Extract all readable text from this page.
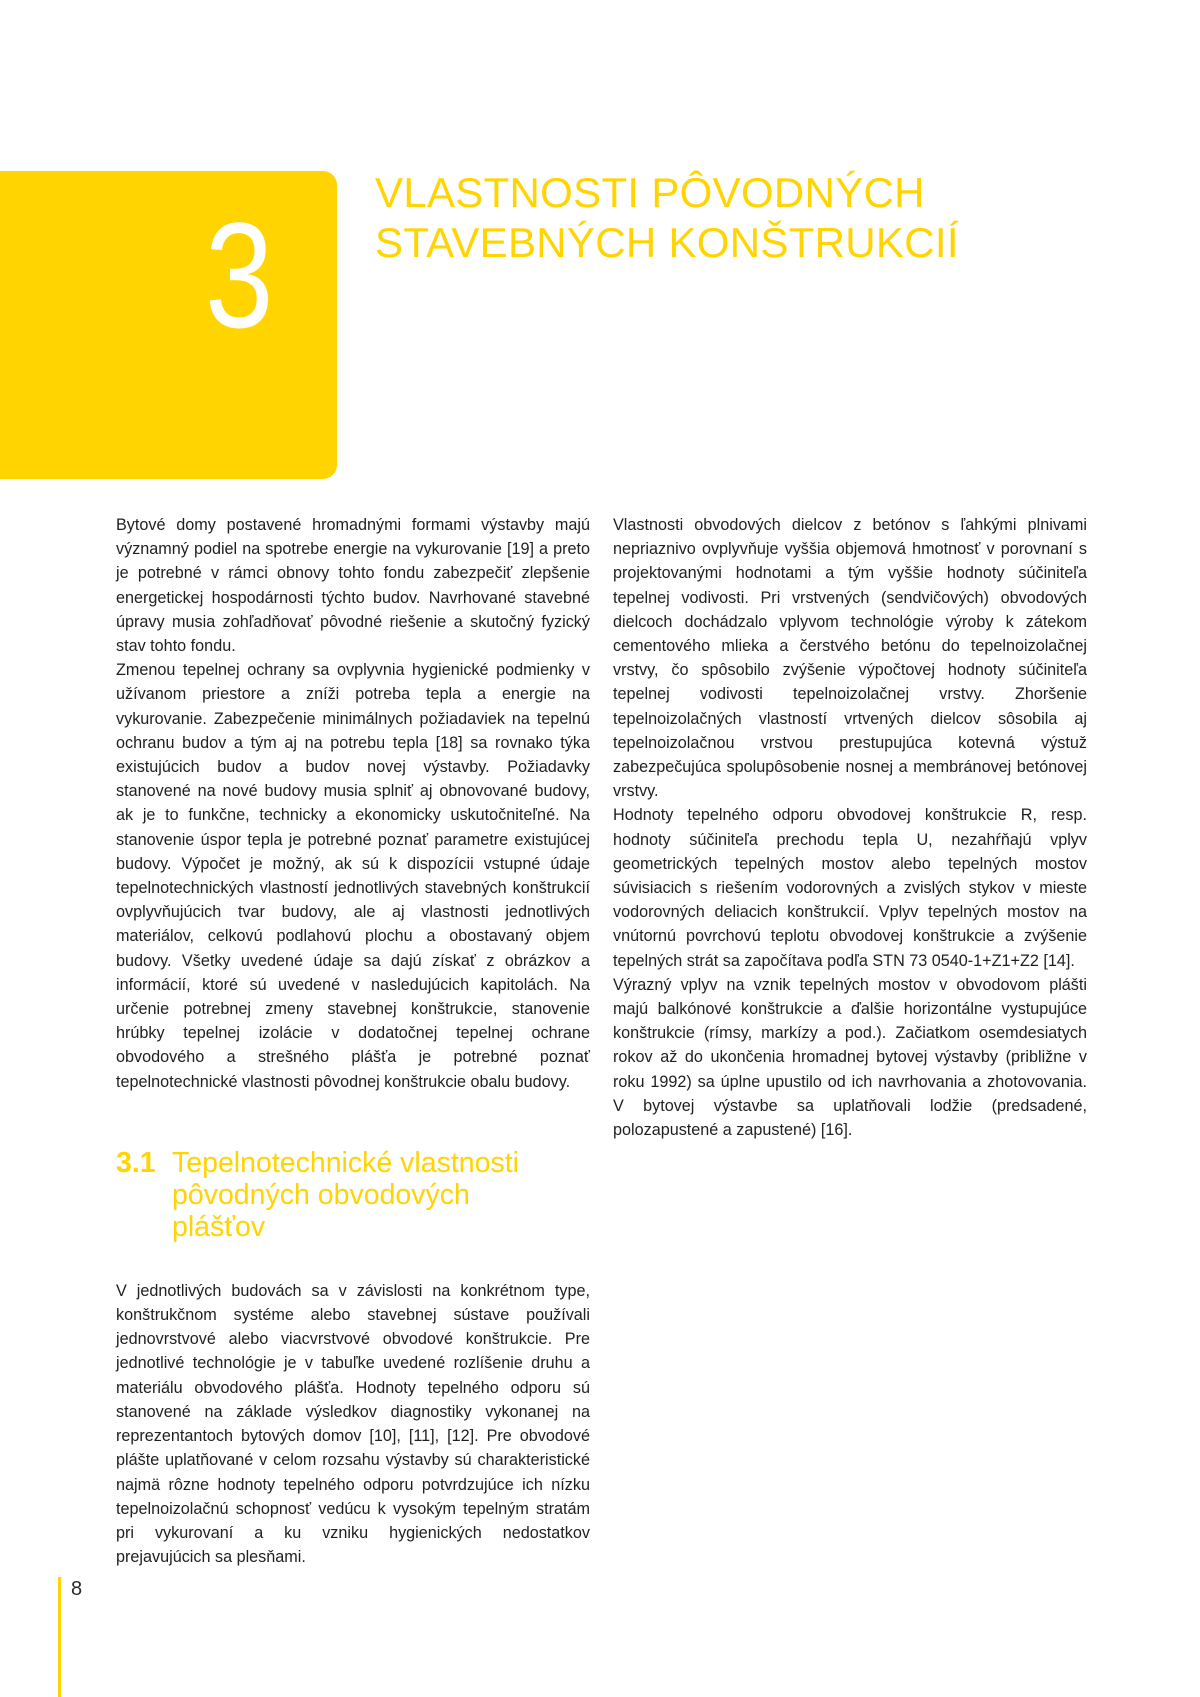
3 VLASTNOSTI PÔVODNÝCH
STAVEBNÝCH KONŠTRUKCIÍ

Bytové domy postavené hromadnými formami výstavby majú významný podiel na spotrebe energie na vykurovanie [19] a preto je potrebné v rámci obnovy tohto fondu zabezpečiť zlepšenie energetickej hospodárnosti týchto budov. Navrhované stavebné úpravy musia zohľadňovať pôvodné riešenie a skutočný fyzický stav tohto fondu.

Zmenou tepelnej ochrany sa ovplyvnia hygienické podmienky v užívanom priestore a zníži potreba tepla a energie na vykurovanie. Zabezpečenie minimálnych požiadaviek na tepelnú ochranu budov a tým aj na potrebu tepla [18] sa rovnako týka existujúcich budov a budov novej výstavby. Požiadavky stanovené na nové budovy musia splniť aj obnovované budovy, ak je to funkčne, technicky a ekonomicky uskutočniteľné. Na stanovenie úspor tepla je potrebné poznať parametre existujúcej budovy. Výpočet je možný, ak sú k dispozícii vstupné údaje tepelnotechnických vlastností jednotlivých stavebných konštrukcií ovplyvňujúcich tvar budovy, ale aj vlastnosti jednotlivých materiálov, celkovú podlahovú plochu a obostavaný objem budovy. Všetky uvedené údaje sa dajú získať z obrázkov a informácií, ktoré sú uvedené v nasledujúcich kapitolách. Na určenie potrebnej zmeny stavebnej konštrukcie, stanovenie hrúbky tepelnej izolácie v dodatočnej tepelnej ochrane obvodového a strešného plášťa je potrebné poznať tepelnotechnické vlastnosti pôvodnej konštrukcie obalu budovy.

3.1 Tepelnotechnické vlastnosti
pôvodných obvodových
plášťov

V jednotlivých budovách sa v závislosti na konkrétnom type, konštrukčnom systéme alebo stavebnej sústave používali jednovrstvové alebo viacvrstvové obvodové konštrukcie. Pre jednotlivé technológie je v tabuľke uvedené rozlíšenie druhu a materiálu obvodového plášťa. Hodnoty tepelného odporu sú stanovené na základe výsledkov diagnostiky vykonanej na reprezentantoch bytových domov [10], [11], [12]. Pre obvodové plášte uplatňované v celom rozsahu výstavby sú charakteristické najmä rôzne hodnoty tepelného odporu potvrdzujúce ich nízku tepelnoizolačnú schopnosť vedúcu k vysokým tepelným stratám pri vykurovaní a ku vzniku hygienických nedostatkov prejavujúcich sa plesňami.

Vlastnosti obvodových dielcov z betónov s ľahkými plnivami nepriaznivo ovplyvňuje vyššia objemová hmotnosť v porovnaní s projektovanými hodnotami a tým vyššie hodnoty súčiniteľa tepelnej vodivosti. Pri vrstvených (sendvičových) obvodových dielcoch dochádzalo vplyvom technológie výroby k zátekom cementového mlieka a čerstvého betónu do tepelnoizolačnej vrstvy, čo spôsobilo zvýšenie výpočtovej hodnoty súčiniteľa tepelnej vodivosti tepelnoizolačnej vrstvy. Zhoršenie tepelnoizolačných vlastností vrtvených dielcov sôsobila aj tepelnoizolačnou vrstvou prestupujúca kotevná výstuž zabezpečujúca spolupôsobenie nosnej a membránovej betónovej vrstvy.

Hodnoty tepelného odporu obvodovej konštrukcie R, resp. hodnoty súčiniteľa prechodu tepla U, nezahŕňajú vplyv geometrických tepelných mostov alebo tepelných mostov súvisiacich s riešením vodorovných a zvislých stykov v mieste vodorovných deliacich konštrukcií. Vplyv tepelných mostov na vnútornú povrchovú teplotu obvodovej konštrukcie a zvýšenie tepelných strát sa započítava podľa STN 73 0540-1+Z1+Z2 [14].

Výrazný vplyv na vznik tepelných mostov v obvodovom plášti majú balkónové konštrukcie a ďalšie horizontálne vystupujúce konštrukcie (rímsy, markízy a pod.). Začiatkom osemdesiatych rokov až do ukončenia hromadnej bytovej výstavby (približne v roku 1992) sa úplne upustilo od ich navrhovania a zhotovovania. V bytovej výstavbe sa uplatňovali lodžie (predsadené, polozapustené a zapustené) [16].

8
